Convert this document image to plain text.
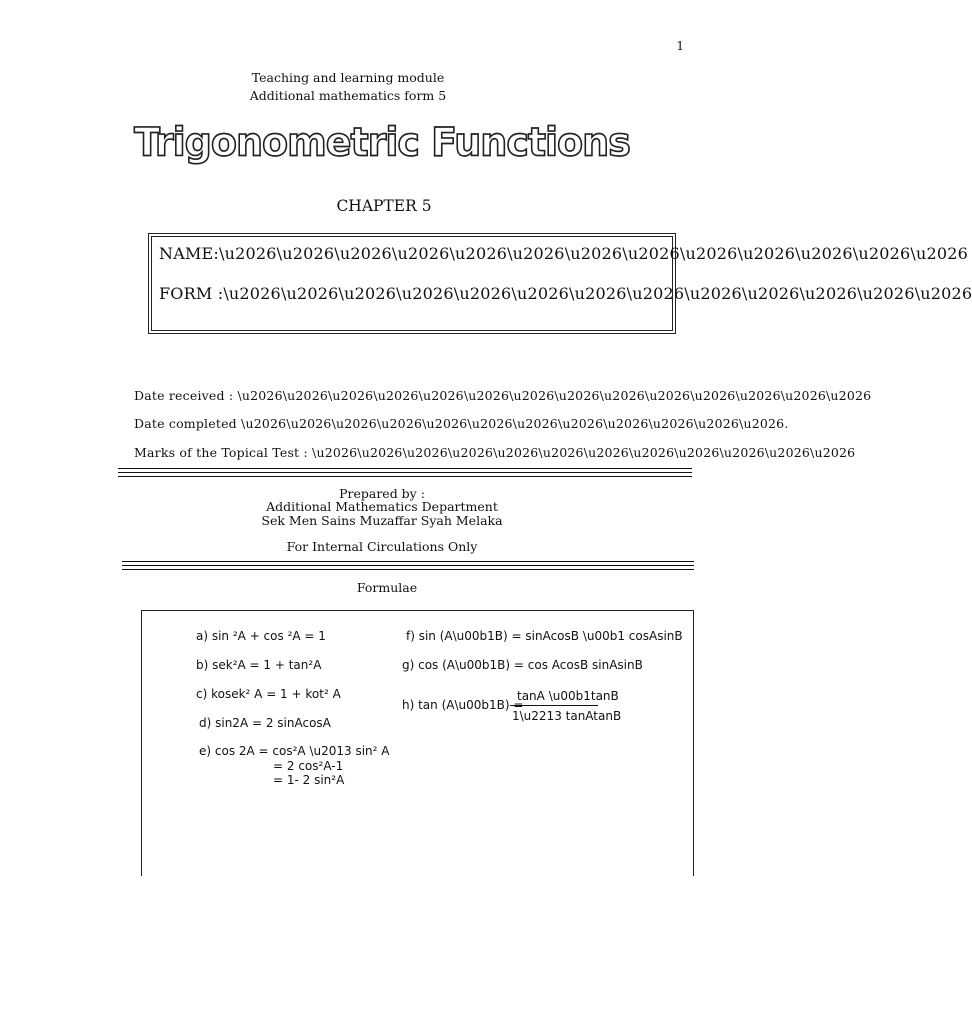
1
Teaching and learning module
Additional mathematics form 5
Trigonometric Functions
CHAPTER 5
NAME:\u2026\u2026\u2026\u2026\u2026\u2026\u2026\u2026\u2026\u2026\u2026\u2026\u2026
FORM :\u2026\u2026\u2026\u2026\u2026\u2026\u2026\u2026\u2026\u2026\u2026\u2026\u2026
Date received : \u2026\u2026\u2026\u2026\u2026\u2026\u2026\u2026\u2026\u2026\u2026\u2026\u2026\u2026
Date completed \u2026\u2026\u2026\u2026\u2026\u2026\u2026\u2026\u2026\u2026\u2026\u2026.
Marks of the Topical Test : \u2026\u2026\u2026\u2026\u2026\u2026\u2026\u2026\u2026\u2026\u2026\u2026
Prepared by :
Additional Mathematics Department
Sek Men Sains Muzaffar Syah Melaka
For Internal Circulations Only
Formulae
a) sin ²A + cos ²A = 1
b) sek²A = 1 + tan²A
c) kosek² A = 1 + kot² A
d) sin2A = 2 sinAcosA
e) cos 2A = cos²A \u2013 sin² A
= 2 cos²A-1
= 1- 2 sin²A
f) sin (A\u00b1B) = sinAcosB \u00b1 cosAsinB
g) cos (A\u00b1B) = cos AcosB sinAsinB
h) tan (A\u00b1B) =
tanA \u00b1tanB
1\u2213 tanAtanB
